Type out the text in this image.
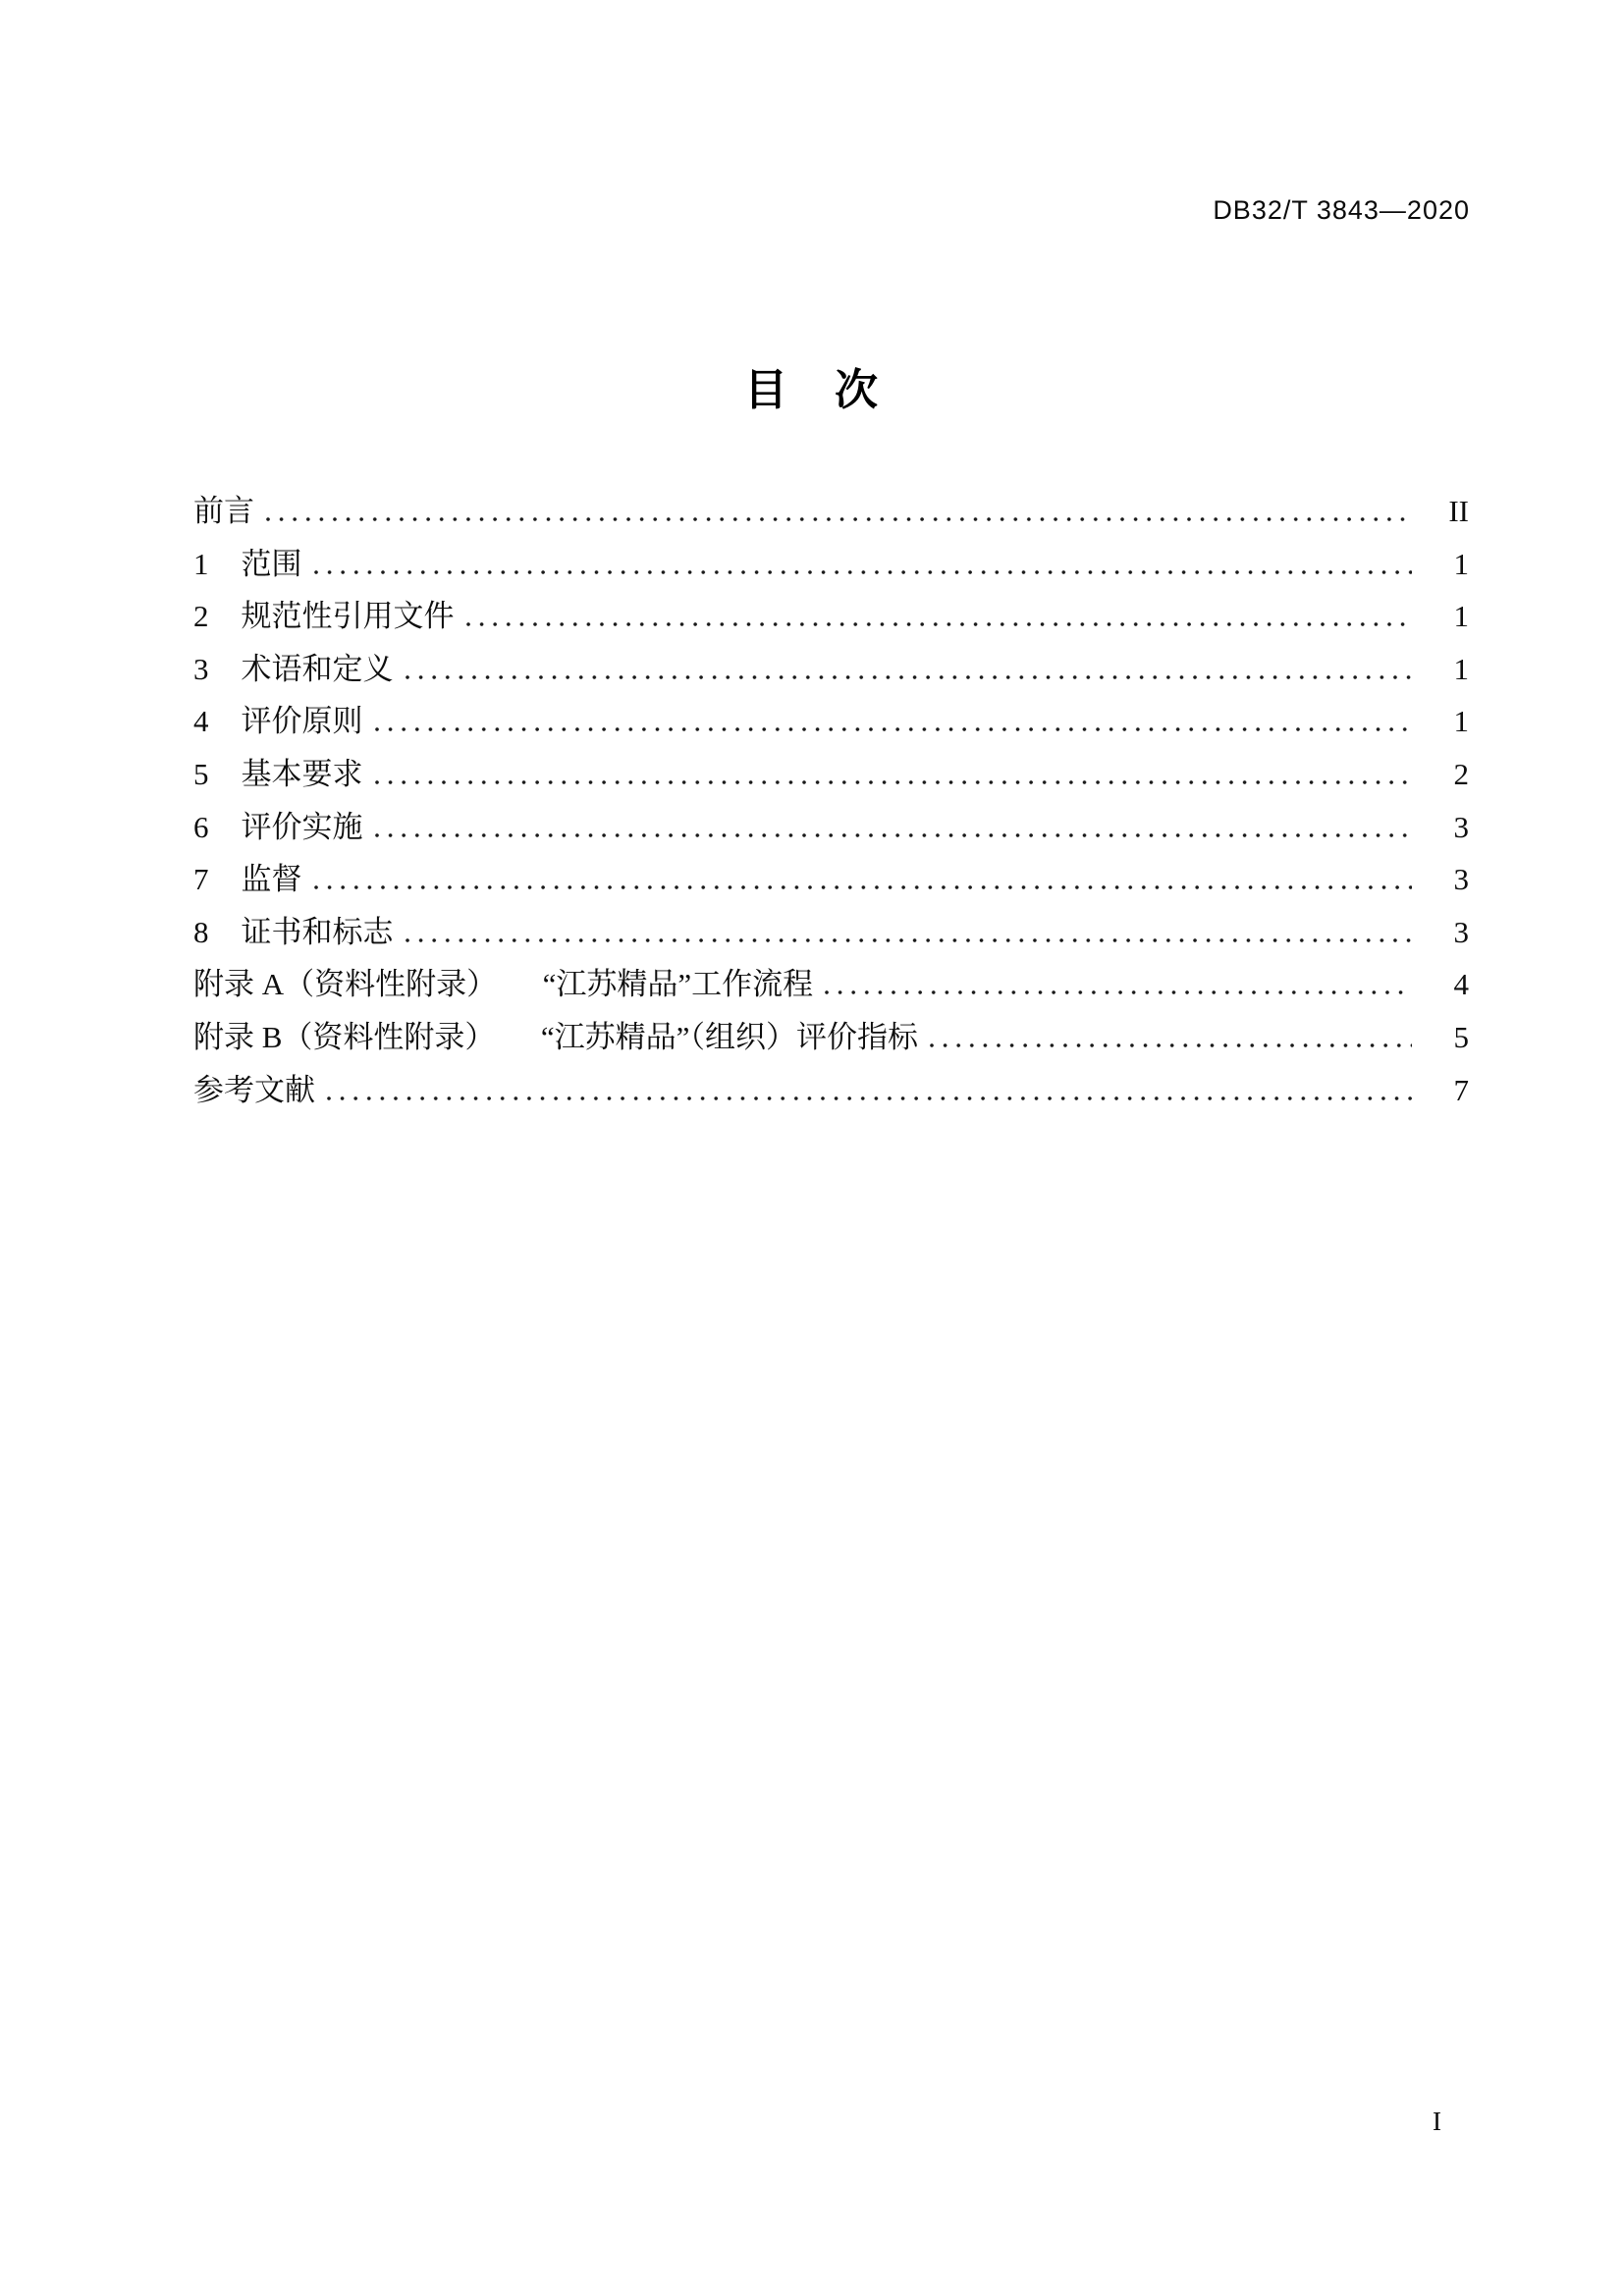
DB32/T 3843—2020
目　次
前言	II
1 范围	1
2 规范性引用文件	1
3 术语和定义	1
4 评价原则	1
5 基本要求	2
6 评价实施	3
7 监督	3
8 证书和标志	3
附录 A（资料性附录）　　“江苏精品”工作流程	4
附录 B（资料性附录）　　“江苏精品”（组织）评价指标	5
参考文献	7
I
